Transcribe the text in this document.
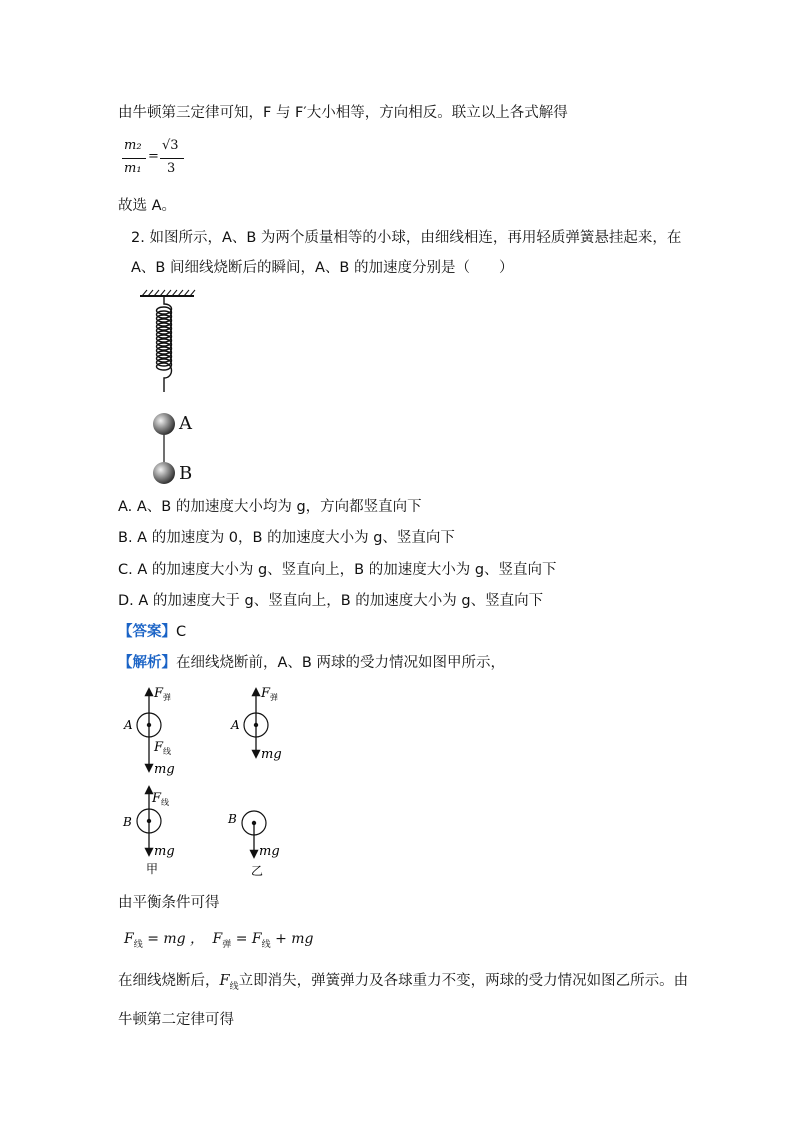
由牛顿第三定律可知，F 与 F′大小相等，方向相反。联立以上各式解得
m₂
m₁
=
√3
3
故选 A。
2. 如图所示，A、B 为两个质量相等的小球，由细线相连，再用轻质弹簧悬挂起来，在
A、B 间细线烧断后的瞬间，A、B 的加速度分别是（　　）
A
B
A. A、B 的加速度大小均为 g，方向都竖直向下
B. A 的加速度为 0，B 的加速度大小为 g、竖直向下
C. A 的加速度大小为 g、竖直向上，B 的加速度大小为 g、竖直向下
D. A 的加速度大于 g、竖直向上，B 的加速度大小为 g、竖直向下
【答案】C
【解析】在细线烧断前，A、B 两球的受力情况如图甲所示，
A
$F_弹$
$F_线$
mg
A
$F_弹$
mg
B
$F_线$
mg
甲
B
mg
乙
由平衡条件可得
$F_线$ = mg ， $F_弹 = F_线$ + mg
在细线烧断后，$F_线$立即消失，弹簧弹力及各球重力不变，两球的受力情况如图乙所示。由
牛顿第二定律可得
